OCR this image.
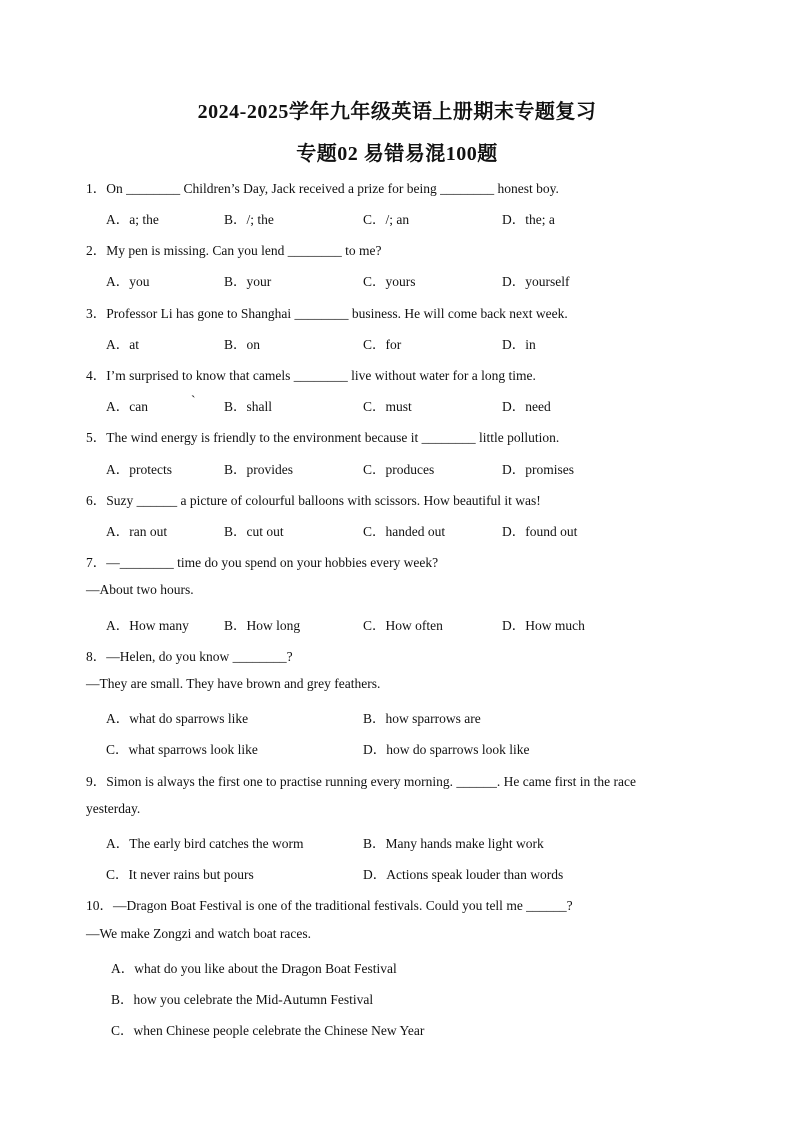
2024-2025学年九年级英语上册期末专题复习
专题02 易错易混100题
1．On ________ Children’s Day, Jack received a prize for being ________ honest boy.
A．a; the	B．/; the	C．/; an	D．the; a
2．My pen is missing. Can you lend ________ to me?
A．you	B．your	C．yours	D．yourself
3．Professor Li has gone to Shanghai ________ business. He will come back next week.
A．at	B．on	C．for	D．in
4．I’m surprised to know that camels ________ live without water for a long time.
A．can	` B．shall	C．must	D．need
5．The wind energy is friendly to the environment because it ________ little pollution.
A．protects	B．provides	C．produces	D．promises
6．Suzy ______ a picture of colourful balloons with scissors. How beautiful it was!
A．ran out	B．cut out	C．handed out	D．found out
7．—________ time do you spend on your hobbies every week?
—About two hours.
A．How many	B．How long	C．How often	D．How much
8．—Helen, do you know ________?
—They are small. They have brown and grey feathers.
A．what do sparrows like	B．how sparrows are
C．what sparrows look like	D．how do sparrows look like
9．Simon is always the first one to practise running every morning. ______. He came first in the race
yesterday.
A．The early bird catches the worm	B．Many hands make light work
C．It never rains but pours	D．Actions speak louder than words
10．—Dragon Boat Festival is one of the traditional festivals. Could you tell me ______?
—We make Zongzi and watch boat races.
A．what do you like about the Dragon Boat Festival
B．how you celebrate the Mid-Autumn Festival
C．when Chinese people celebrate the Chinese New Year
